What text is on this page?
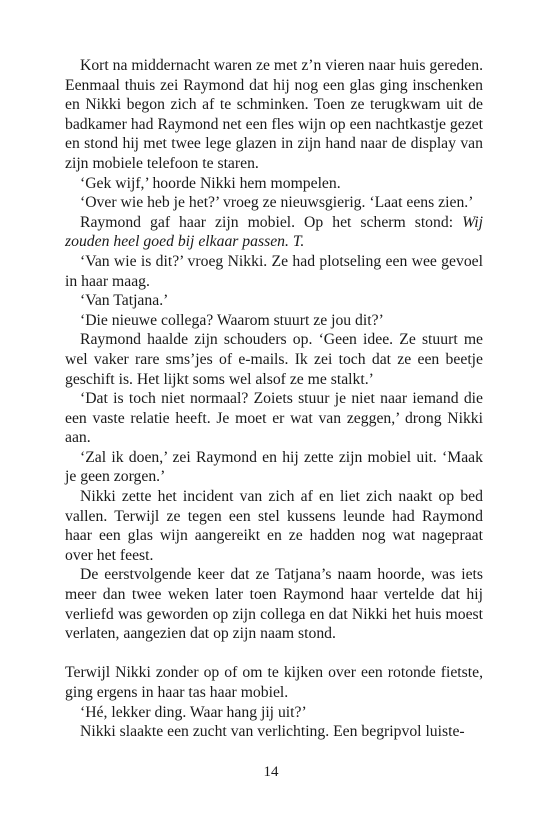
Kort na middernacht waren ze met z’n vieren naar huis gereden. Eenmaal thuis zei Raymond dat hij nog een glas ging inschenken en Nikki begon zich af te schminken. Toen ze terugkwam uit de badkamer had Raymond net een fles wijn op een nachtkastje gezet en stond hij met twee lege glazen in zijn hand naar de display van zijn mobiele telefoon te staren.

‘Gek wijf,’ hoorde Nikki hem mompelen.

‘Over wie heb je het?’ vroeg ze nieuwsgierig. ‘Laat eens zien.’

Raymond gaf haar zijn mobiel. Op het scherm stond: Wij zouden heel goed bij elkaar passen. T.

‘Van wie is dit?’ vroeg Nikki. Ze had plotseling een wee gevoel in haar maag.

‘Van Tatjana.’

‘Die nieuwe collega? Waarom stuurt ze jou dit?’

Raymond haalde zijn schouders op. ‘Geen idee. Ze stuurt me wel vaker rare sms’jes of e-mails. Ik zei toch dat ze een beetje geschift is. Het lijkt soms wel alsof ze me stalkt.’

‘Dat is toch niet normaal? Zoiets stuur je niet naar iemand die een vaste relatie heeft. Je moet er wat van zeggen,’ drong Nikki aan.

‘Zal ik doen,’ zei Raymond en hij zette zijn mobiel uit. ‘Maak je geen zorgen.’

Nikki zette het incident van zich af en liet zich naakt op bed vallen. Terwijl ze tegen een stel kussens leunde had Raymond haar een glas wijn aangereikt en ze hadden nog wat nagepraat over het feest.

De eerstvolgende keer dat ze Tatjana’s naam hoorde, was iets meer dan twee weken later toen Raymond haar vertelde dat hij verliefd was geworden op zijn collega en dat Nikki het huis moest verlaten, aangezien dat op zijn naam stond.

Terwijl Nikki zonder op of om te kijken over een rotonde fietste, ging ergens in haar tas haar mobiel.

‘Hé, lekker ding. Waar hang jij uit?’

Nikki slaakte een zucht van verlichting. Een begripvol luiste-

14
